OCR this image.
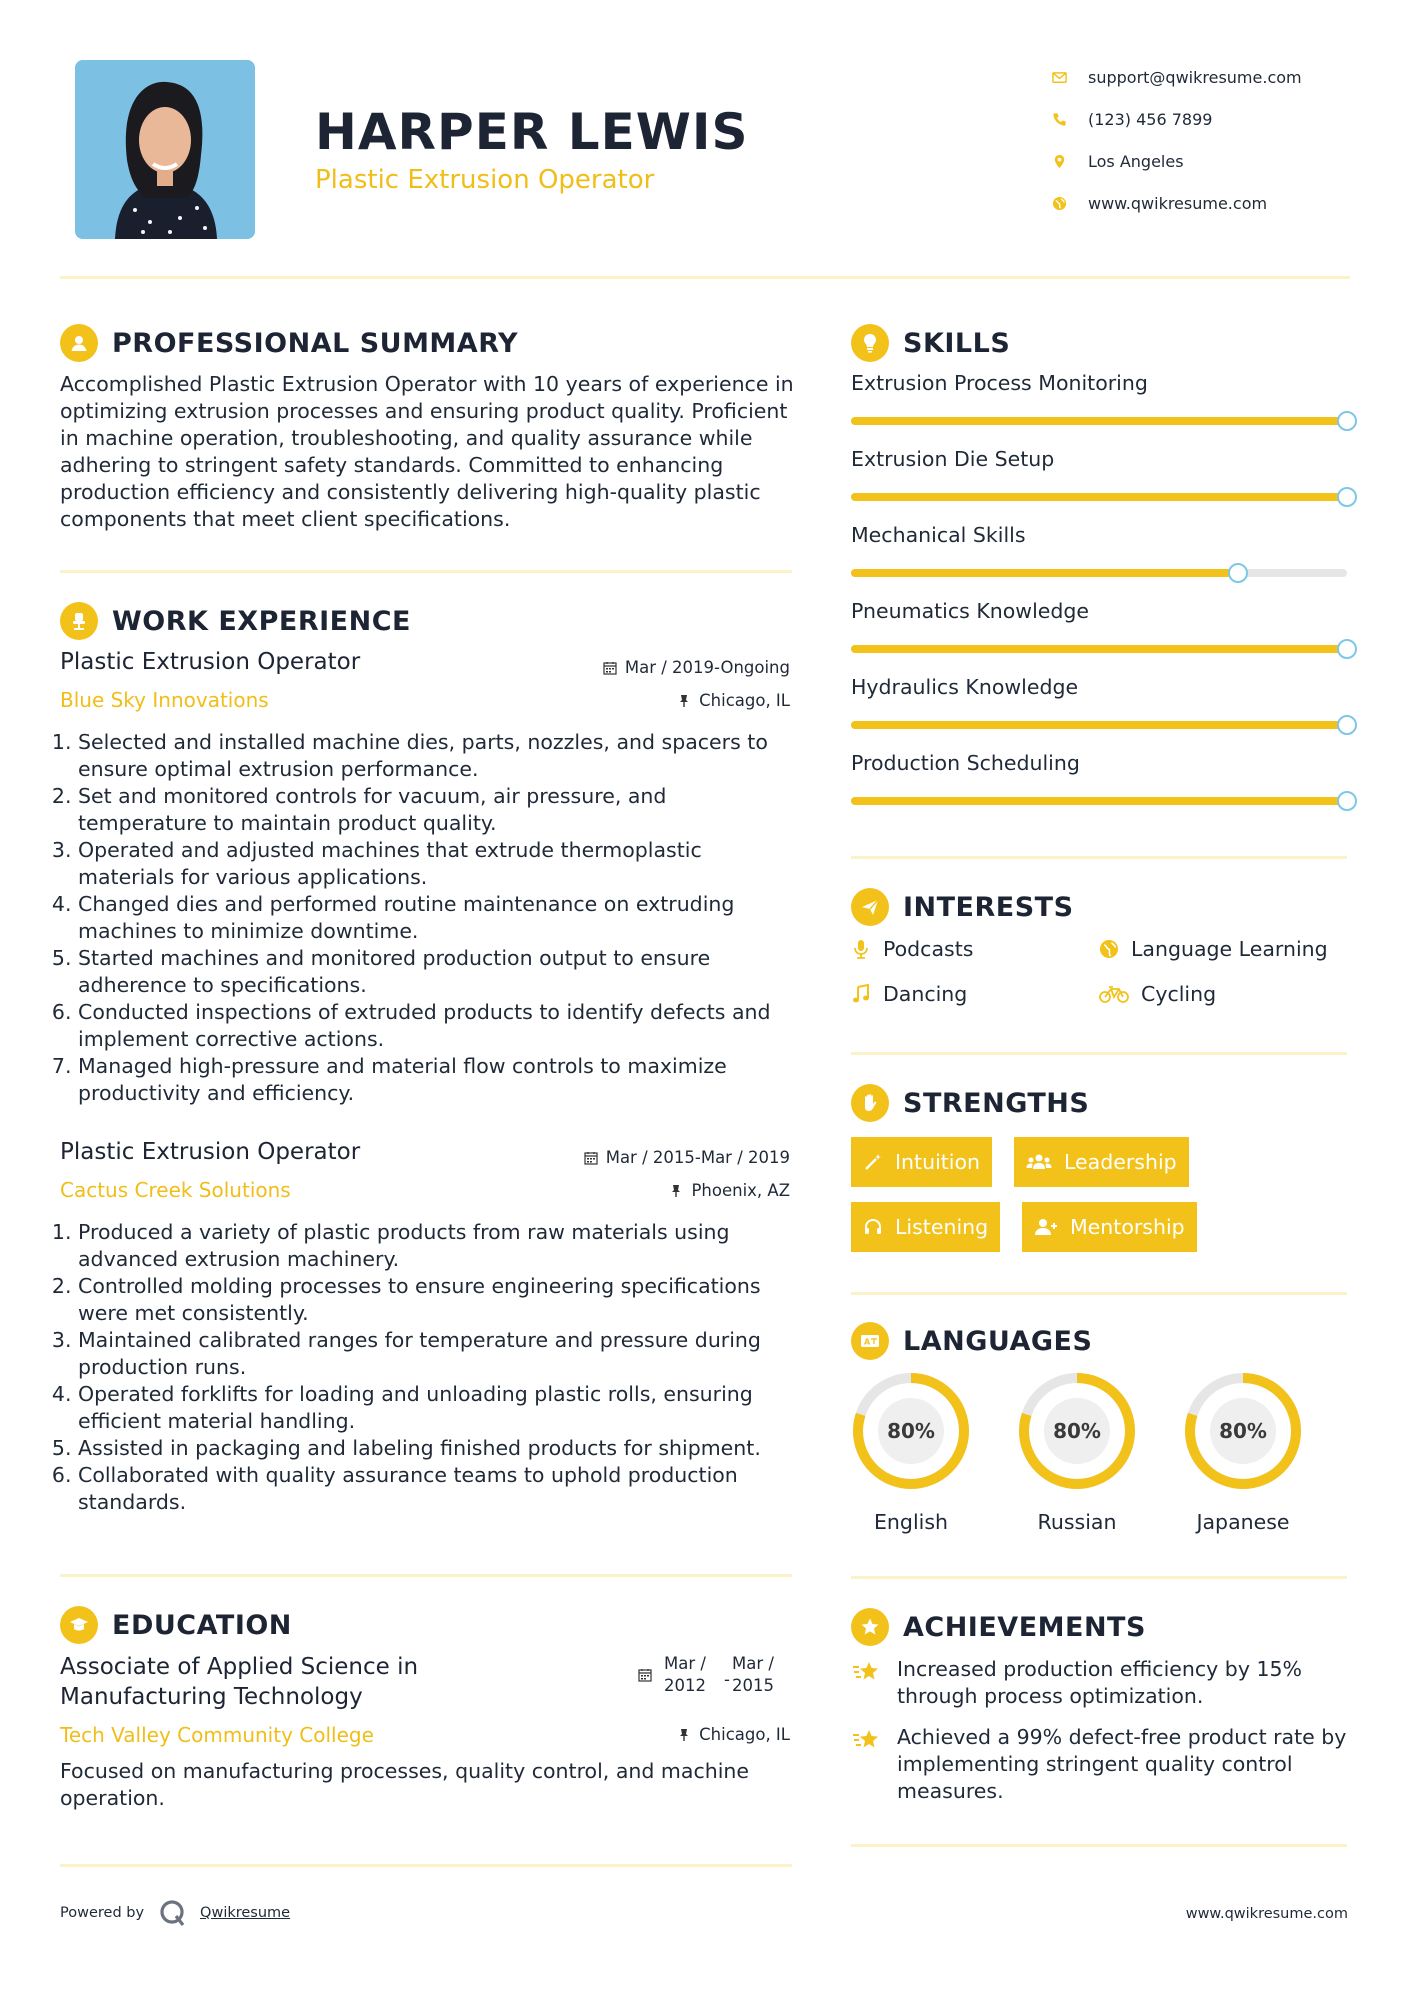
HARPER LEWIS
Plastic Extrusion Operator
support@qwikresume.com
(123) 456 7899
Los Angeles
www.qwikresume.com
PROFESSIONAL SUMMARY
Accomplished Plastic Extrusion Operator with 10 years of experience in optimizing extrusion processes and ensuring product quality. Proficient in machine operation, troubleshooting, and quality assurance while adhering to stringent safety standards. Committed to enhancing production efficiency and consistently delivering high-quality plastic components that meet client specifications.
WORK EXPERIENCE
Plastic Extrusion Operator	Mar / 2019-Ongoing
Blue Sky Innovations	Chicago, IL
1. Selected and installed machine dies, parts, nozzles, and spacers to ensure optimal extrusion performance.
2. Set and monitored controls for vacuum, air pressure, and temperature to maintain product quality.
3. Operated and adjusted machines that extrude thermoplastic materials for various applications.
4. Changed dies and performed routine maintenance on extruding machines to minimize downtime.
5. Started machines and monitored production output to ensure adherence to specifications.
6. Conducted inspections of extruded products to identify defects and implement corrective actions.
7. Managed high-pressure and material flow controls to maximize productivity and efficiency.
Plastic Extrusion Operator	Mar / 2015-Mar / 2019
Cactus Creek Solutions	Phoenix, AZ
1. Produced a variety of plastic products from raw materials using advanced extrusion machinery.
2. Controlled molding processes to ensure engineering specifications were met consistently.
3. Maintained calibrated ranges for temperature and pressure during production runs.
4. Operated forklifts for loading and unloading plastic rolls, ensuring efficient material handling.
5. Assisted in packaging and labeling finished products for shipment.
6. Collaborated with quality assurance teams to uphold production standards.
EDUCATION
Associate of Applied Science in
Manufacturing Technology
Mar /
2012 -
Mar /
2015
Tech Valley Community College	Chicago, IL
Focused on manufacturing processes, quality control, and machine operation.
SKILLS
Extrusion Process Monitoring
Extrusion Die Setup
Mechanical Skills
Pneumatics Knowledge
Hydraulics Knowledge
Production Scheduling
INTERESTS
Podcasts	Language Learning
Dancing	Cycling
STRENGTHS
Intuition	Leadership
Listening	Mentorship
A LANGUAGES
80%
English
80%
Russian
80%
Japanese
ACHIEVEMENTS
Increased production efficiency by 15% through process optimization.
Achieved a 99% defect-free product rate by implementing stringent quality control measures.
Powered by	Qwikresume	www.qwikresume.com
